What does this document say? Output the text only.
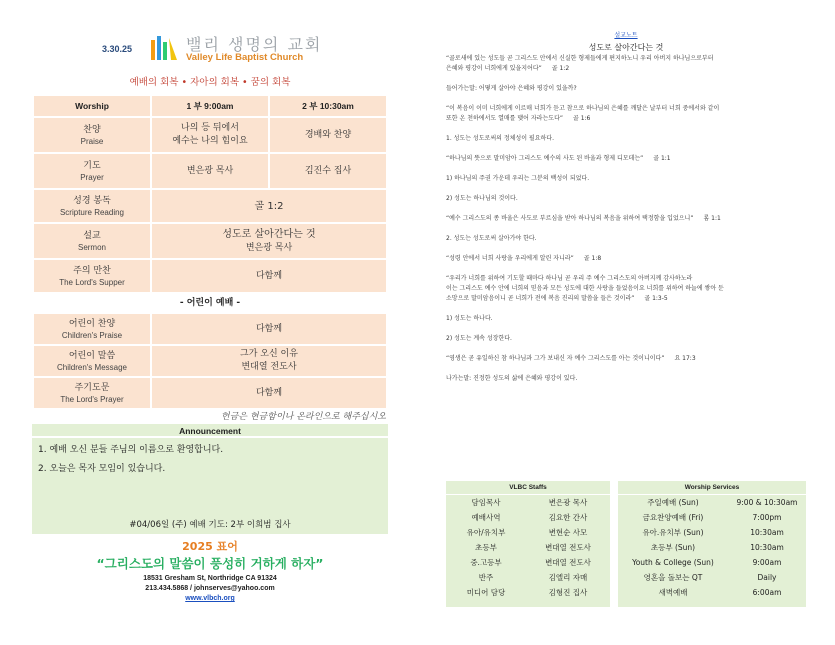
3.30.25	밸리 생명의 교회
Valley Life Baptist Church
예배의 회복 • 자아의 회복 • 꿈의 회복
Worship	1 부 9:00am	2 부 10:30am
찬양
Praise	나의 등 뒤에서
예수는 나의 힘이요	경배와 찬양
기도
Prayer	변은광 목사	김진수 집사
성경 봉독
Scripture Reading	골 1:2	
설교
Sermon	성도로 살아간다는 것
변은광 목사	
주의 만찬
The Lord's Supper	다함께	
- 어린이 예배 -
어린이 찬양
Children's Praise	다함께
어린이 말씀
Children's Message	그가 오신 이유
변대열 전도사
주기도문
The Lord's Prayer	다함께
헌금은 현금함이나 온라인으로 해주십시오
Announcement
1. 예배 오신 분들 주님의 이름으로 환영합니다.
2. 오늘은 목자 모임이 있습니다.
#04/06일 (주) 예배 기도: 2부 이희범 집사
2025 표어
“그리스도의 말씀이 풍성히 거하게 하자”
18531 Gresham St, Northridge CA 91324
213.434.5868 / johnserves@yahoo.com
www.vlbch.org
설교노트
성도로 살아간다는 것
“골로새에 있는 성도들 곧 그리스도 안에서 신실한 형제들에게 편지하노니 우리 아버지 하나님으로부터
은혜와 평강이 너희에게 있을지어다” 골 1:2

들어가는말: 어떻게 살아야 은혜와 평강이 있을까?

“이 복음이 이미 너희에게 이르매 너희가 듣고 참으로 하나님의 은혜를 깨달은 날부터 너희 중에서와 같이
또한 온 천하에서도 열매를 맺어 자라는도다” 골 1:6

1. 성도는 성도로써의 정체성이 필요하다.

“하나님의 뜻으로 말미암아 그리스도 예수의 사도 된 바울과 형제 디모데는” 골 1:1

1) 하나님의 주권 가운데 우리는 그분의 백성이 되었다.

2) 성도는 하나님의 것이다.

“예수 그리스도의 종 바울은 사도로 부르심을 받아 하나님의 복음을 위하여 택정함을 입었으니” 롬 1:1

2. 성도는 성도로써 살아가야 한다.

“성령 안에서 너희 사랑을 우리에게 알린 자니라” 골 1:8

“우리가 너희를 위하여 기도할 때마다 하나님 곧 우리 주 예수 그리스도의 아버지께 감사하노라
이는 그리스도 예수 안에 너희의 믿음과 모든 성도에 대한 사랑을 들었음이요 너희를 위하여 하늘에 쌓아 둔
소망으로 말미암음이니 곧 너희가 전에 복음 진리의 말씀을 들은 것이라” 골 1:3-5

1) 성도는 하나다.

2) 성도는 계속 성장한다.

“영생은 곧 유일하신 참 하나님과 그가 보내신 자 예수 그리스도를 아는 것이니이다” 요 17:3

나가는말: 진정한 성도의 삶에 은혜와 평강이 있다.
VLBC Staffs
담임목사	변은광 목사
예배사역	김요한 간사
유아/유치부	변현순 사모
초등부	변대열 전도사
중.고등부	변대열 전도사
반주	김엘리 자매
미디어 담당	김형진 집사
Worship Services
주일예배 (Sun)	9:00 & 10:30am
금요찬양예배 (Fri)	7:00pm
유아.유치부 (Sun)	10:30am
초등부 (Sun)	10:30am
Youth & College (Sun)	9:00am
영혼을 돌보는 QT	Daily
새벽예배	6:00am
